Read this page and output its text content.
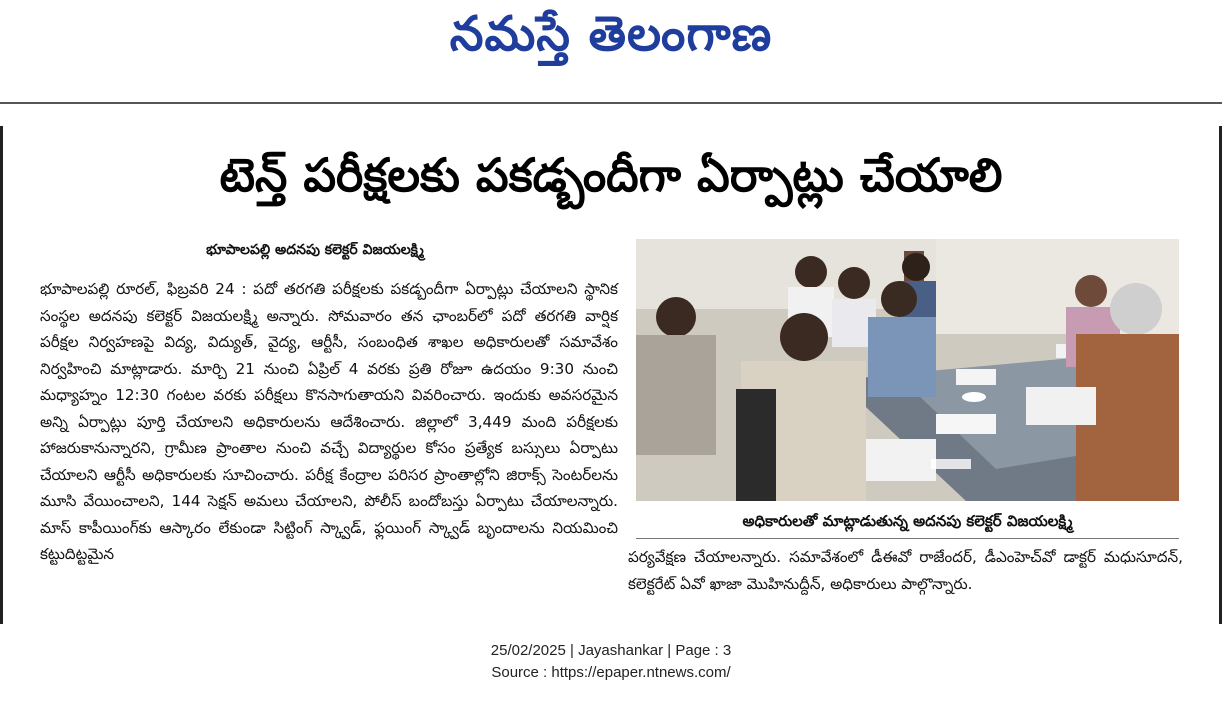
నమస్తే తెలంగాణ
టెన్త్ పరీక్షలకు పకడ్బందీగా ఏర్పాట్లు చేయాలి
భూపాలపల్లి అదనపు కలెక్టర్ విజయలక్ష్మి

భూపాలపల్లి రూరల్, ఫిబ్రవరి 24 : పదో తరగతి పరీక్షలకు పకడ్బందీగా ఏర్పాట్లు చేయాలని స్థానిక సంస్థల అదనపు కలెక్టర్ విజయలక్ష్మి అన్నారు. సోమవారం తన ఛాంబర్‌లో పదో తరగతి వార్షిక పరీక్షల నిర్వహణపై విద్య, విద్యుత్, వైద్య, ఆర్టీసీ, సంబంధిత శాఖల అధికారులతో సమావేశం నిర్వహించి మాట్లాడారు. మార్చి 21 నుంచి ఏప్రిల్ 4 వరకు ప్రతి రోజూ ఉదయం 9:30 నుంచి మధ్యాహ్నం 12:30 గంటల వరకు పరీక్షలు కొనసాగుతాయని వివరించారు. ఇందుకు అవసరమైన అన్ని ఏర్పాట్లు పూర్తి చేయాలని అధికారులను ఆదేశించారు. జిల్లాలో 3,449 మంది పరీక్షలకు హాజరుకానున్నారని, గ్రామీణ ప్రాంతాల నుంచి వచ్చే విద్యార్థుల కోసం ప్రత్యేక బస్సులు ఏర్పాటు చేయాలని ఆర్టీసీ అధికారులకు సూచించారు. పరీక్ష కేంద్రాల పరిసర ప్రాంతాల్లోని జిరాక్స్ సెంటర్‌లను మూసి వేయించాలని, 144 సెక్షన్ అమలు చేయాలని, పోలీస్ బందోబస్తు ఏర్పాటు చేయాలన్నారు. మాస్ కాపీయింగ్‌కు ఆస్కారం లేకుండా సిట్టింగ్ స్క్వాడ్, ఫ్లయింగ్ స్క్వాడ్ బృందాలను నియమించి కట్టుదిట్టమైన

అధికారులతో మాట్లాడుతున్న అదనపు కలెక్టర్ విజయలక్ష్మి

పర్యవేక్షణ చేయాలన్నారు. సమావేశంలో డీఈవో రాజేందర్, డీఎంహెచ్‌వో డాక్టర్ మధుసూదన్, కలెక్టరేట్ ఏవో ఖాజా మొహినుద్దీన్, అధికారులు పాల్గొన్నారు.

25/02/2025 | Jayashankar | Page : 3
Source : https://epaper.ntnews.com/
